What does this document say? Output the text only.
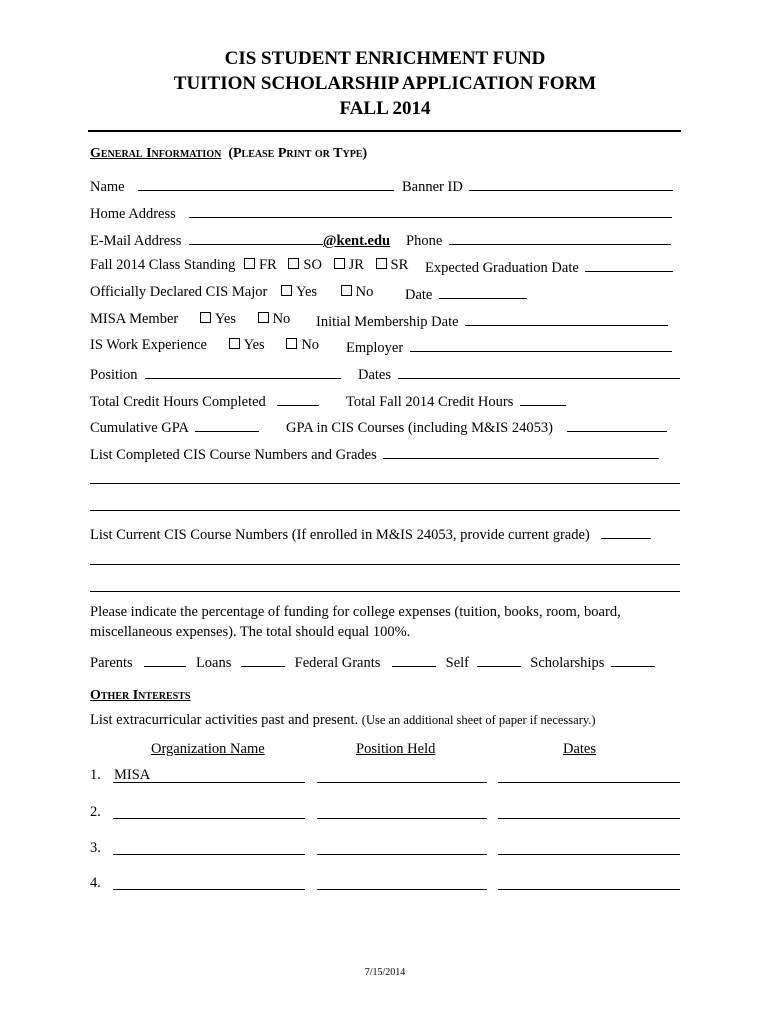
CIS STUDENT ENRICHMENT FUND
TUITION SCHOLARSHIP APPLICATION FORM
FALL 2014
General Information (Please Print or Type)
Name	Banner ID
Home Address
E-Mail Address	@kent.edu Phone
Fall 2014 Class Standing FR SO JR SR Expected Graduation Date
Officially Declared CIS Major Yes	No Date
MISA Member	Yes	No Initial Membership Date
IS Work Experience	Yes	No Employer
Position	Dates
Total Credit Hours Completed	Total Fall 2014 Credit Hours
Cumulative GPA	GPA in CIS Courses (including M&IS 24053)
List Completed CIS Course Numbers and Grades
List Current CIS Course Numbers (If enrolled in M&IS 24053, provide current grade)
Please indicate the percentage of funding for college expenses (tuition, books, room, board,
miscellaneous expenses). The total should equal 100%.
Parents	Loans	Federal Grants	Self	Scholarships
Other Interests
List extracurricular activities past and present. (Use an additional sheet of paper if necessary.)
Organization Name	Position Held	Dates
1. MISA
2.
3.
4.
7/15/2014
